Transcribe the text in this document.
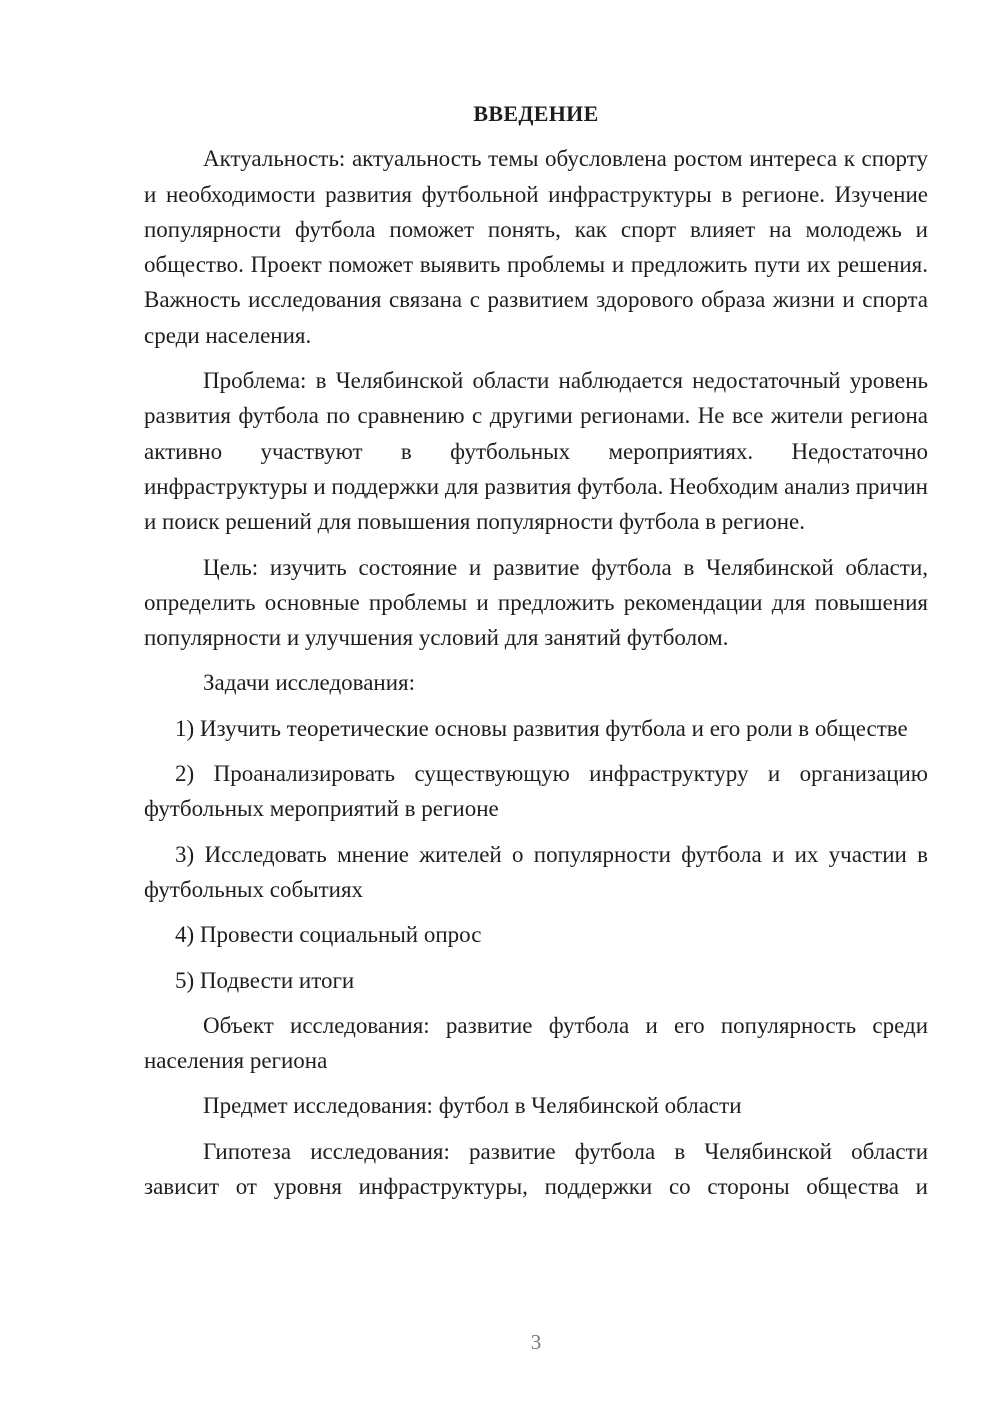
ВВЕДЕНИЕ

Актуальность: актуальность темы обусловлена ростом интереса к спорту и необходимости развития футбольной инфраструктуры в регионе. Изучение популярности футбола поможет понять, как спорт влияет на молодежь и общество. Проект поможет выявить проблемы и предложить пути их решения. Важность исследования связана с развитием здорового образа жизни и спорта среди населения.

Проблема: в Челябинской области наблюдается недостаточный уровень развития футбола по сравнению с другими регионами. Не все жители региона активно участвуют в футбольных мероприятиях. Недостаточно инфраструктуры и поддержки для развития футбола. Необходим анализ причин и поиск решений для повышения популярности футбола в регионе.

Цель: изучить состояние и развитие футбола в Челябинской области, определить основные проблемы и предложить рекомендации для повышения популярности и улучшения условий для занятий футболом.

Задачи исследования:

1) Изучить теоретические основы развития футбола и его роли в обществе

2) Проанализировать существующую инфраструктуру и организацию футбольных мероприятий в регионе

3) Исследовать мнение жителей о популярности футбола и их участии в футбольных событиях

4) Провести социальный опрос

5) Подвести итоги

Объект исследования: развитие футбола и его популярность среди населения региона

Предмет исследования: футбол в Челябинской области

Гипотеза исследования: развитие футбола в Челябинской области зависит от уровня инфраструктуры, поддержки со стороны общества и

3
